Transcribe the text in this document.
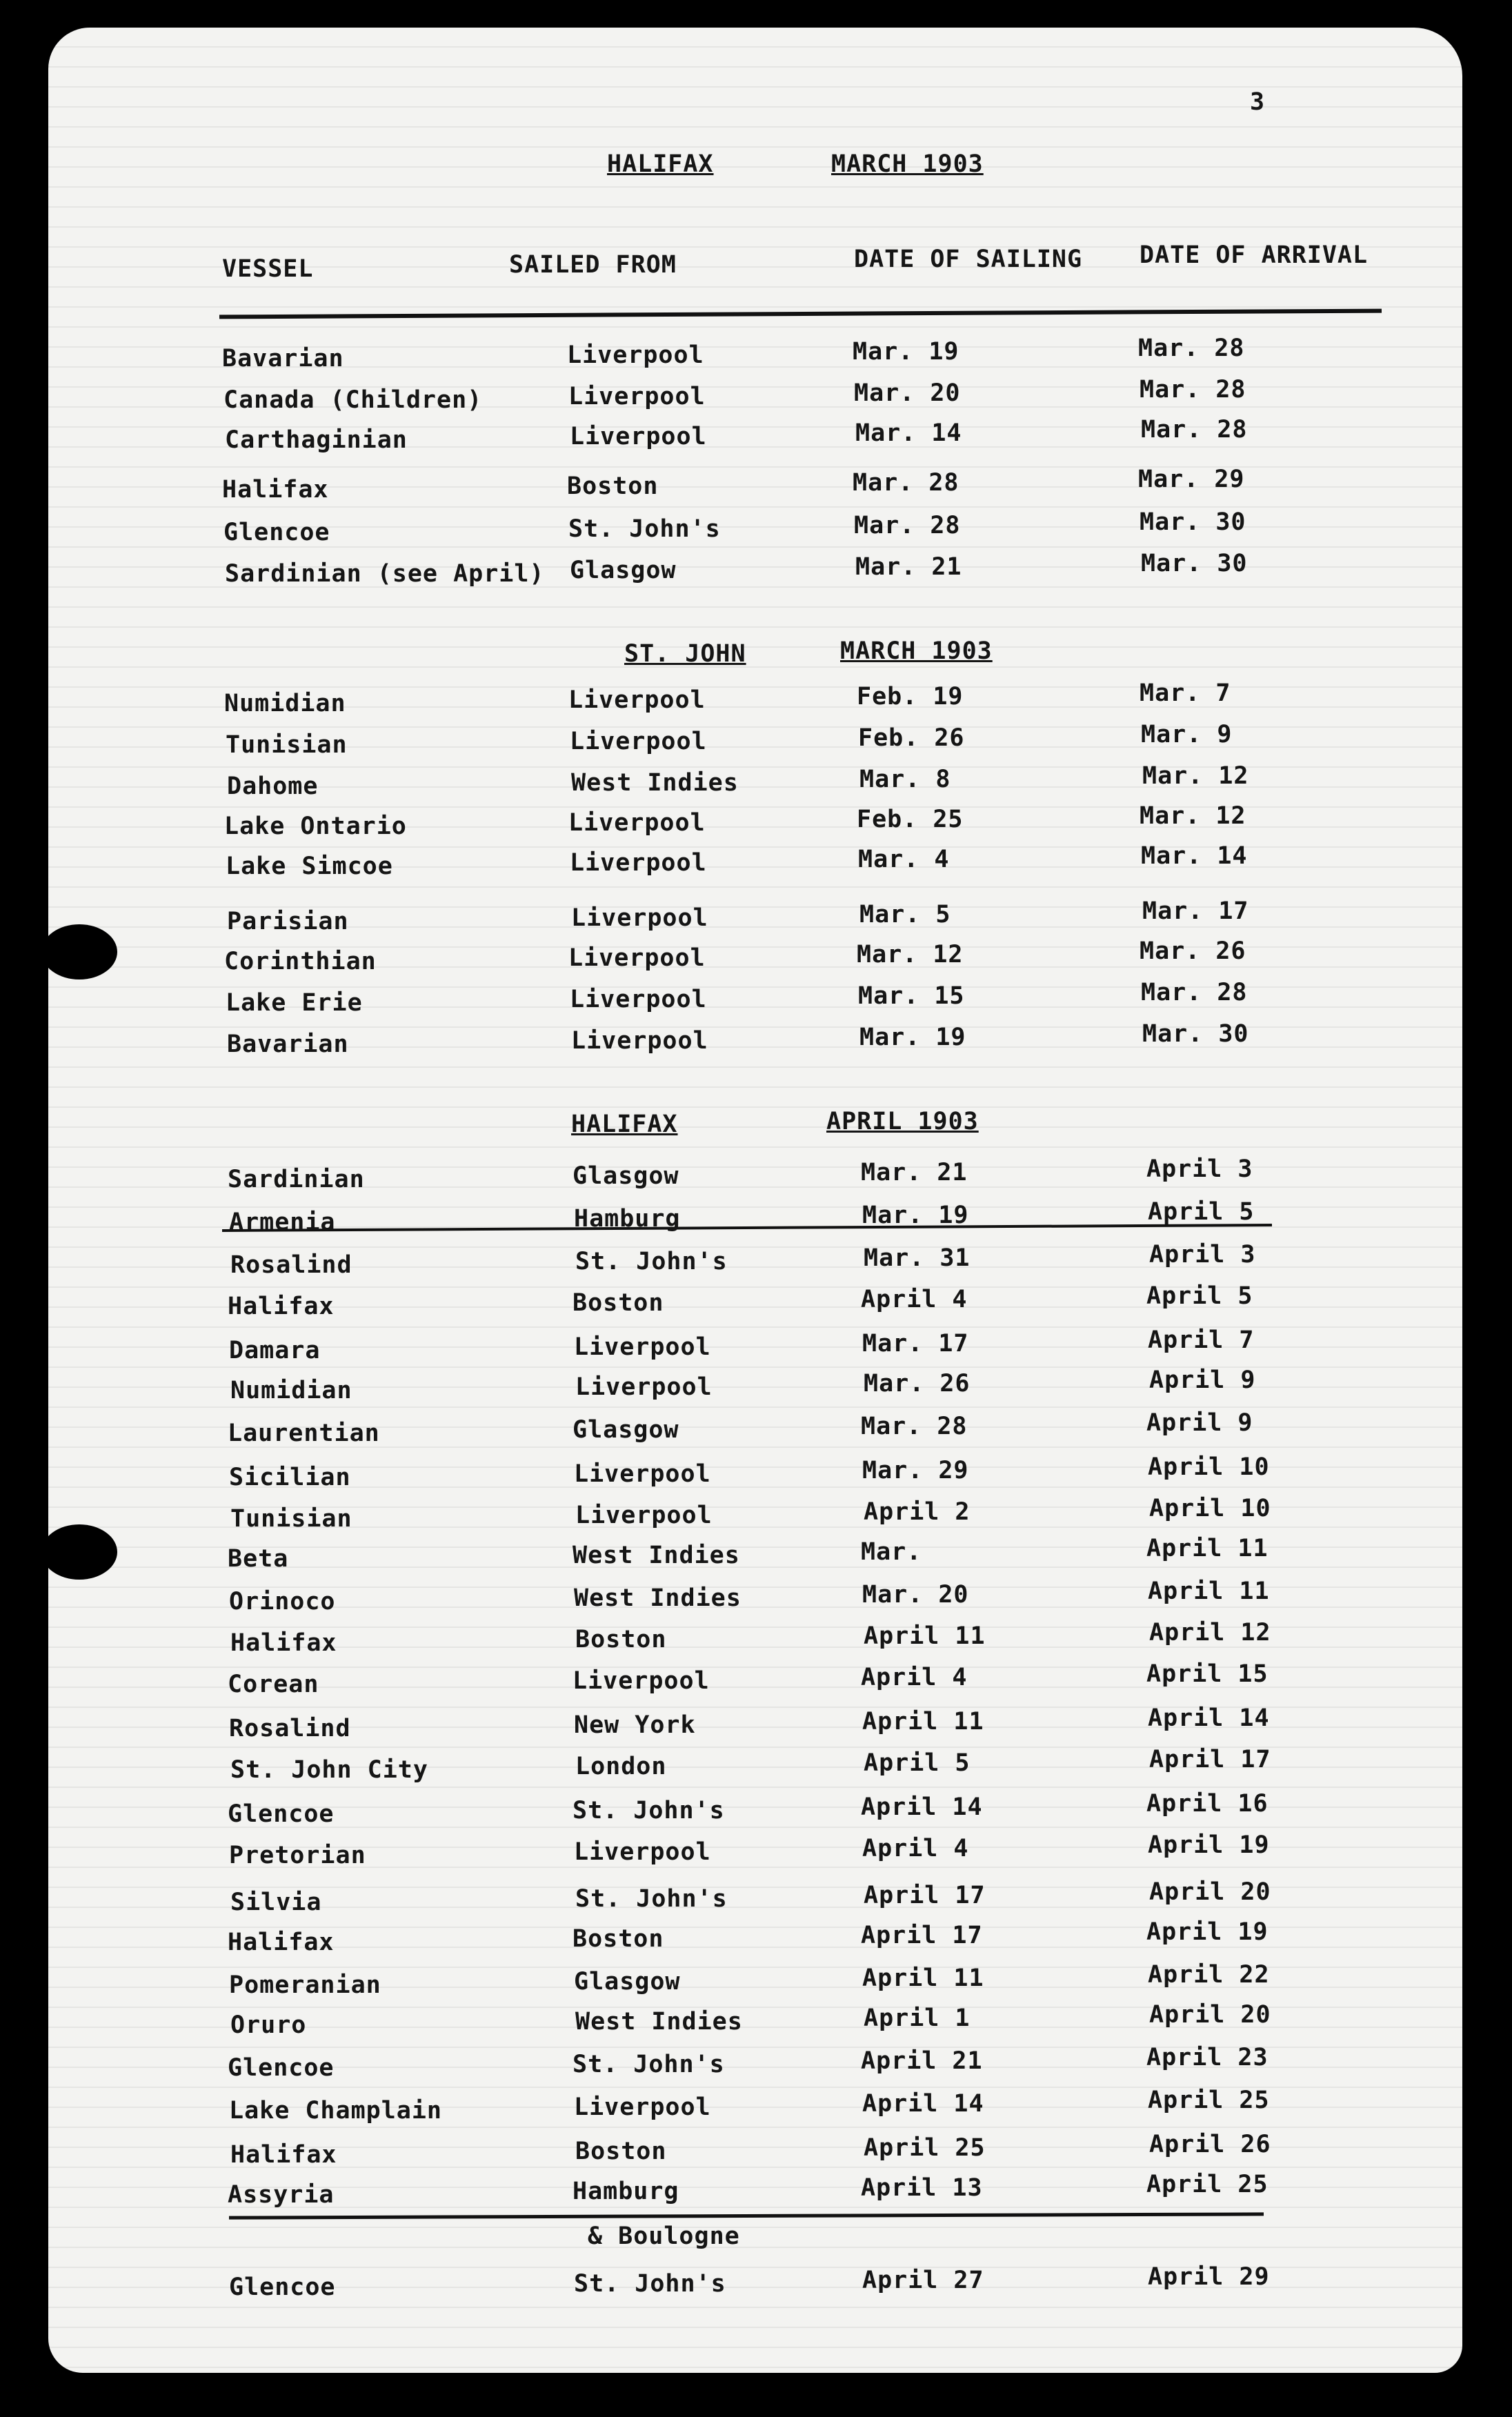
3
HALIFAX	MARCH 1903
VESSEL	SAILED FROM	DATE OF SAILING DATE OF ARRIVAL
ST. JOHN	MARCH 1903
HALIFAX	APRIL 1903
Bavarian	Liverpool	Mar. 19	Mar. 28
Canada (Children)	Liverpool	Mar. 20	Mar. 28
Carthaginian	Liverpool	Mar. 14	Mar. 28
Halifax	Boston	Mar. 28	Mar. 29
Glencoe	St. John's	Mar. 28	Mar. 30
Sardinian (see April) Glasgow	Mar. 21	Mar. 30
Numidian	Liverpool	Feb. 19	Mar. 7
Tunisian	Liverpool	Feb. 26	Mar. 9
Dahome	West Indies	Mar. 8	Mar. 12
Lake Ontario	Liverpool	Feb. 25	Mar. 12
Lake Simcoe	Liverpool	Mar. 4	Mar. 14
Parisian	Liverpool	Mar. 5	Mar. 17
Corinthian	Liverpool	Mar. 12	Mar. 26
Lake Erie	Liverpool	Mar. 15	Mar. 28
Bavarian	Liverpool	Mar. 19	Mar. 30
Sardinian	Glasgow	Mar. 21	April 3
Armenia	Hamburg	Mar. 19	April 5
Rosalind	St. John's	Mar. 31	April 3
Halifax	Boston	April 4	April 5
Damara	Liverpool	Mar. 17	April 7
Numidian	Liverpool	Mar. 26	April 9
Laurentian	Glasgow	Mar. 28	April 9
Sicilian	Liverpool	Mar. 29	April 10
Tunisian	Liverpool	April 2	April 10
Beta	West Indies	Mar.	April 11
Orinoco	West Indies	Mar. 20	April 11
Halifax	Boston	April 11	April 12
Corean	Liverpool	April 4	April 15
Rosalind	New York	April 11	April 14
St. John City	London	April 5	April 17
Glencoe	St. John's	April 14	April 16
Pretorian	Liverpool	April 4	April 19
Silvia	St. John's	April 17	April 20
Halifax	Boston	April 17	April 19
Pomeranian	Glasgow	April 11	April 22
Oruro	West Indies	April 1	April 20
Glencoe	St. John's	April 21	April 23
Lake Champlain	Liverpool	April 14	April 25
Halifax	Boston	April 25	April 26
Assyria	Hamburg	April 13	April 25
& Boulogne
Glencoe	St. John's	April 27	April 29
